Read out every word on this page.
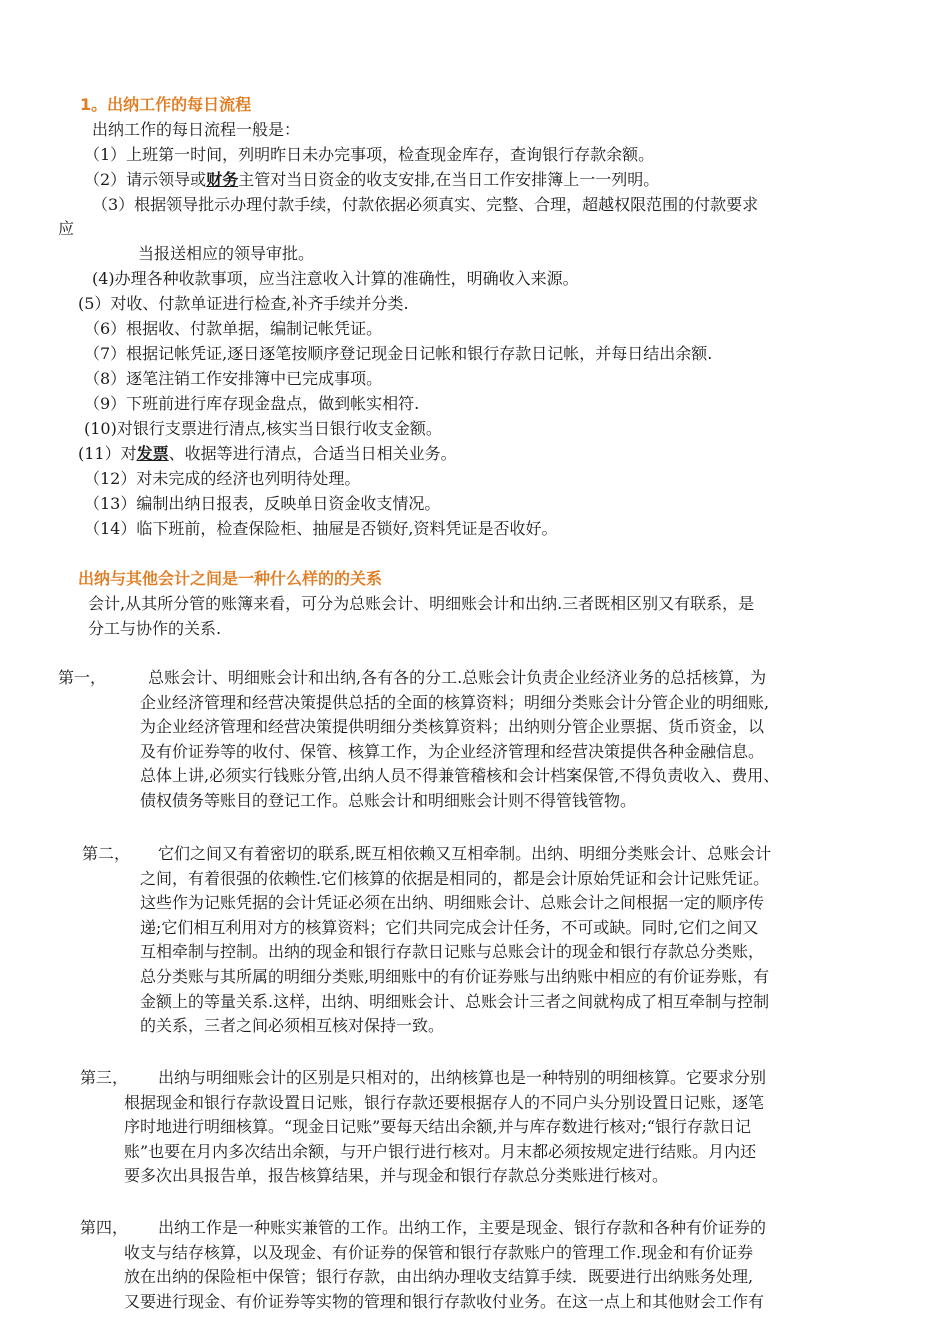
1。出纳工作的每日流程
出纳工作的每日流程一般是：
（1）上班第一时间，列明昨日未办完事项，检查现金库存，查询银行存款余额。
（2）请示领导或财务主管对当日资金的收支安排,在当日工作安排簿上一一列明。
（3）根据领导批示办理付款手续，付款依据必须真实、完整、合理，超越权限范围的付款要求
应
当报送相应的领导审批。
(4)办理各种收款事项，应当注意收入计算的准确性，明确收入来源。
(5）对收、付款单证进行检查,补齐手续并分类.
（6）根据收、付款单据，编制记帐凭证。
（7）根据记帐凭证,逐日逐笔按顺序登记现金日记帐和银行存款日记帐，并每日结出余额.
（8）逐笔注销工作安排簿中已完成事项。
（9）下班前进行库存现金盘点，做到帐实相符.
(10)对银行支票进行清点,核实当日银行收支金额。
(11）对发票、收据等进行清点，合适当日相关业务。
（12）对未完成的经济也列明待处理。
（13）编制出纳日报表，反映单日资金收支情况。
（14）临下班前，检查保险柜、抽屉是否锁好,资料凭证是否收好。
出纳与其他会计之间是一种什么样的的关系
会计,从其所分管的账簿来看，可分为总账会计、明细账会计和出纳.三者既相区别又有联系，是
分工与协作的关系.
第一，	总账会计、明细账会计和出纳,各有各的分工.总账会计负责企业经济业务的总括核算，为
企业经济管理和经营决策提供总括的全面的核算资料；明细分类账会计分管企业的明细账,
为企业经济管理和经营决策提供明细分类核算资料；出纳则分管企业票据、货币资金，以
及有价证券等的收付、保管、核算工作，为企业经济管理和经营决策提供各种金融信息。
总体上讲,必须实行钱账分管,出纳人员不得兼管稽核和会计档案保管,不得负责收入、费用、
债权债务等账目的登记工作。总账会计和明细账会计则不得管钱管物。
第二，	它们之间又有着密切的联系,既互相依赖又互相牵制。出纳、明细分类账会计、总账会计
之间，有着很强的依赖性.它们核算的依据是相同的，都是会计原始凭证和会计记账凭证。
这些作为记账凭据的会计凭证必须在出纳、明细账会计、总账会计之间根据一定的顺序传
递;它们相互利用对方的核算资料；它们共同完成会计任务，不可或缺。同时,它们之间又
互相牵制与控制。出纳的现金和银行存款日记账与总账会计的现金和银行存款总分类账，
总分类账与其所属的明细分类账,明细账中的有价证券账与出纳账中相应的有价证券账，有
金额上的等量关系.这样，出纳、明细账会计、总账会计三者之间就构成了相互牵制与控制
的关系，三者之间必须相互核对保持一致。
第三，	出纳与明细账会计的区别是只相对的，出纳核算也是一种特别的明细核算。它要求分别
根据现金和银行存款设置日记账，银行存款还要根据存人的不同户头分别设置日记账，逐笔
序时地进行明细核算。“现金日记账”要每天结出余额,并与库存数进行核对;“银行存款日记
账”也要在月内多次结出余额，与开户银行进行核对。月末都必须按规定进行结账。月内还
要多次出具报告单，报告核算结果，并与现金和银行存款总分类账进行核对。
第四，	出纳工作是一种账实兼管的工作。出纳工作，主要是现金、银行存款和各种有价证券的
收支与结存核算，以及现金、有价证券的保管和银行存款账户的管理工作.现金和有价证券
放在出纳的保险柜中保管；银行存款，由出纳办理收支结算手续．既要进行出纳账务处理,
又要进行现金、有价证券等实物的管理和银行存款收付业务。在这一点上和其他财会工作有
